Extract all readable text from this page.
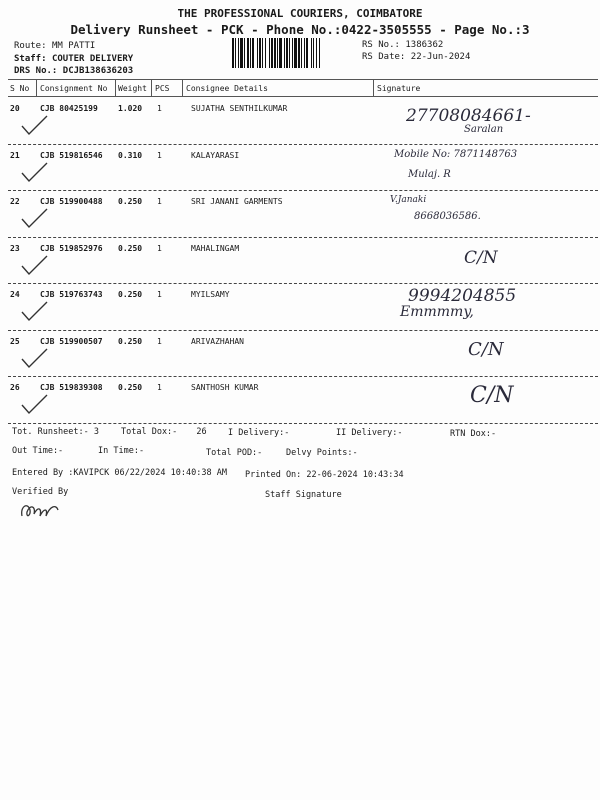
THE PROFESSIONAL COURIERS, COIMBATORE
Delivery Runsheet - PCK - Phone No.:0422-3505555 - Page No.:3
Route: MM PATTI
Staff: COUTER DELIVERY
DRS No.: DCJB138636203
RS No.: 1386362
RS Date: 22-Jun-2024
S No Consignment No Weight PCS Consignee Details	Signature
20	CJB 80425199	1.020 1	SUJATHA SENTHILKUMAR	27708084661-
Saralan
21	CJB 519816546 0.310 1	KALAYARASI	Mobile No: 7871148763
Mulaj. R
22	CJB 519900488 0.250 1	SRI JANANI GARMENTS	V.Janaki
8668036586.
23	CJB 519852976 0.250 1	MAHALINGAM	C/N
24	CJB 519763743 0.250 1	MYILSAMY	9994204855
Emmmmy,
25	CJB 519900507 0.250 1	ARIVAZHAHAN	C/N
26	CJB 519839308 0.250 1	SANTHOSH KUMAR	C/N
Tot. Runsheet:- 3	Total Dox:- 26	I Delivery:-	II Delivery:-	RTN Dox:-
Out Time:-	In Time:-	Total POD:-	Delvy Points:-
Entered By :KAVIPCK 06/22/2024 10:40:38 AM Printed On: 22-06-2024 10:43:34
Verified By	Staff Signature
